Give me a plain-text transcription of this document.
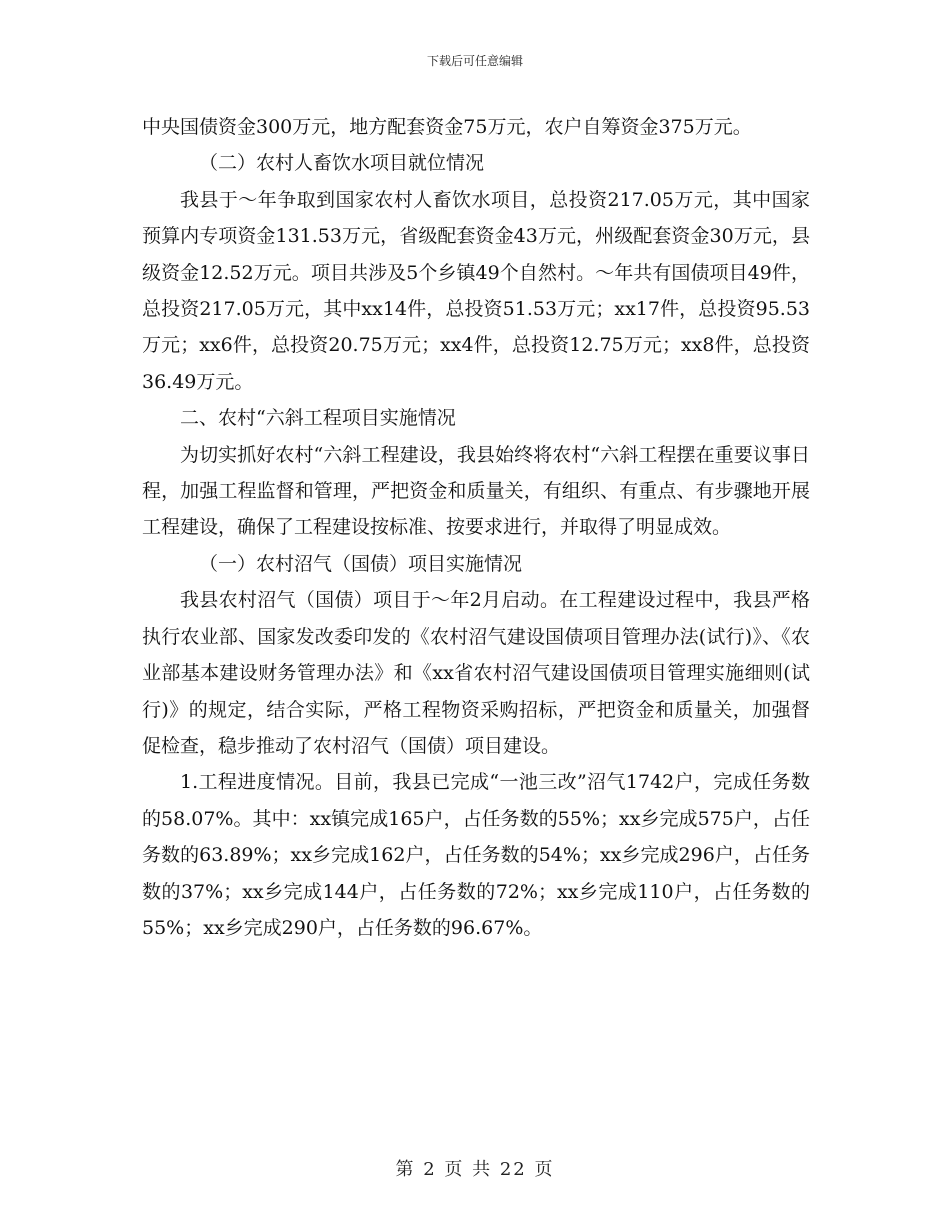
下载后可任意编辑

中央国债资金300万元，地方配套资金75万元，农户自筹资金375万元。

（二）农村人畜饮水项目就位情况

我县于～年争取到国家农村人畜饮水项目，总投资217.05万元，其中国家预算内专项资金131.53万元，省级配套资金43万元，州级配套资金30万元，县级资金12.52万元。项目共涉及5个乡镇49个自然村。～年共有国债项目49件，总投资217.05万元，其中xx14件，总投资51.53万元；xx17件，总投资95.53万元；xx6件，总投资20.75万元；xx4件，总投资12.75万元；xx8件，总投资36.49万元。

二、农村“六斜工程项目实施情况

为切实抓好农村“六斜工程建设，我县始终将农村“六斜工程摆在重要议事日程，加强工程监督和管理，严把资金和质量关，有组织、有重点、有步骤地开展工程建设，确保了工程建设按标准、按要求进行，并取得了明显成效。

（一）农村沼气（国债）项目实施情况

我县农村沼气（国债）项目于～年2月启动。在工程建设过程中，我县严格执行农业部、国家发改委印发的《农村沼气建设国债项目管理办法(试行)》、《农业部基本建设财务管理办法》和《xx省农村沼气建设国债项目管理实施细则(试行)》的规定，结合实际，严格工程物资采购招标，严把资金和质量关，加强督促检查，稳步推动了农村沼气（国债）项目建设。

1.工程进度情况。目前，我县已完成“一池三改”沼气1742户，完成任务数的58.07%。其中：xx镇完成165户，占任务数的55%；xx乡完成575户，占任务数的63.89%；xx乡完成162户，占任务数的54%；xx乡完成296户，占任务数的37%；xx乡完成144户，占任务数的72%；xx乡完成110户，占任务数的55%；xx乡完成290户，占任务数的96.67%。

第 2 页 共 22 页
